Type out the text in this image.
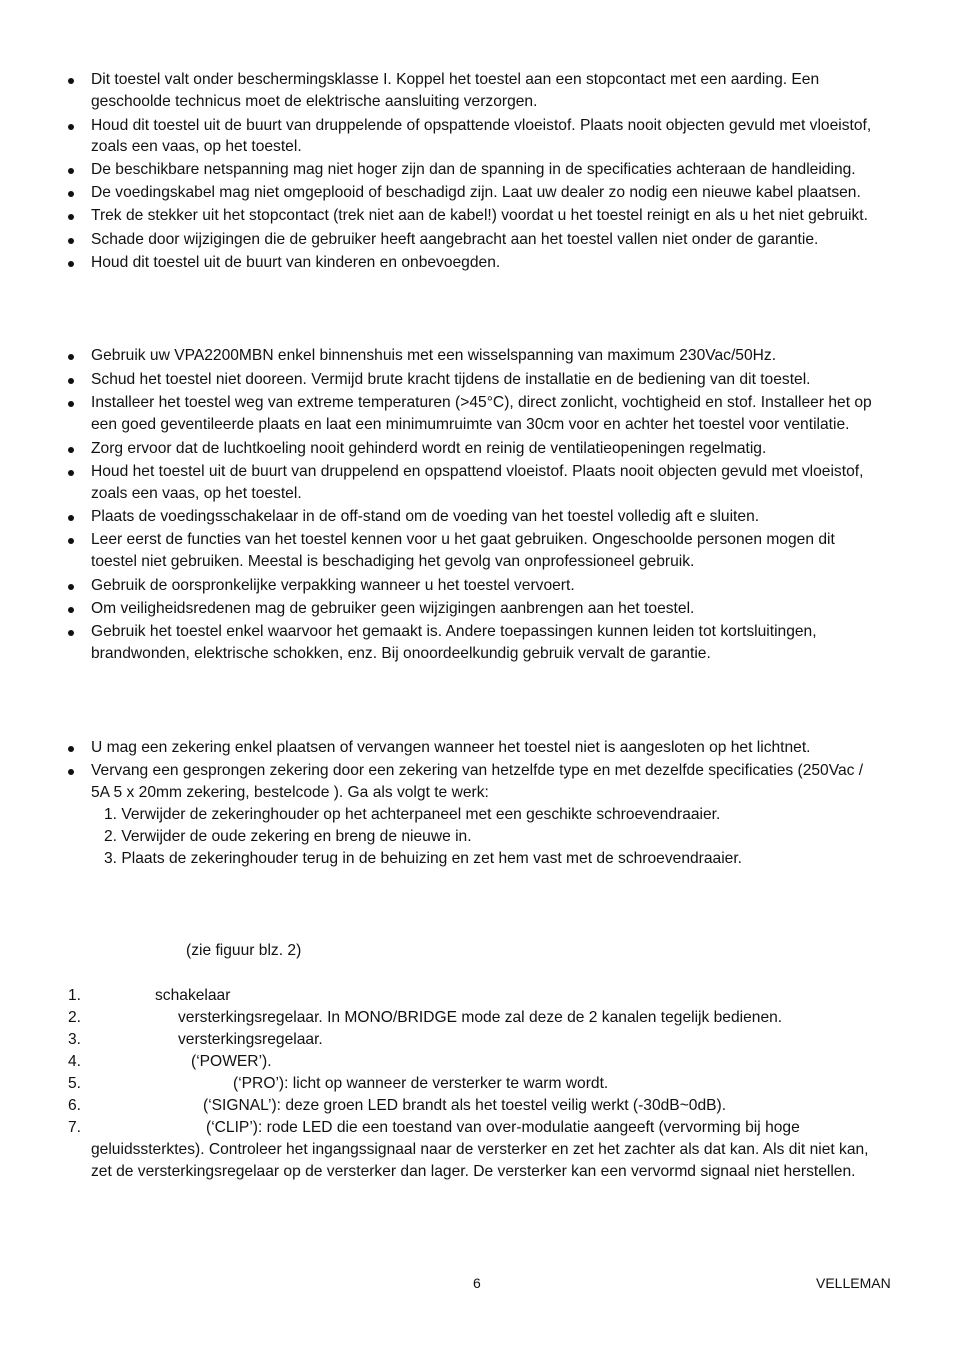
Dit toestel valt onder beschermingsklasse I. Koppel het toestel aan een stopcontact met een aarding. Een
geschoolde technicus moet de elektrische aansluiting verzorgen.
Houd dit toestel uit de buurt van druppelende of opspattende vloeistof. Plaats nooit objecten gevuld met vloeistof,
zoals een vaas, op het toestel.
De beschikbare netspanning mag niet hoger zijn dan de spanning in de specificaties achteraan de handleiding.
De voedingskabel mag niet omgeplooid of beschadigd zijn. Laat uw dealer zo nodig een nieuwe kabel plaatsen.
Trek de stekker uit het stopcontact (trek niet aan de kabel!) voordat u het toestel reinigt en als u het niet gebruikt.
Schade door wijzigingen die de gebruiker heeft aangebracht aan het toestel vallen niet onder de garantie.
Houd dit toestel uit de buurt van kinderen en onbevoegden.
Gebruik uw VPA2200MBN enkel binnenshuis met een wisselspanning van maximum 230Vac/50Hz.
Schud het toestel niet dooreen. Vermijd brute kracht tijdens de installatie en de bediening van dit toestel.
Installeer het toestel weg van extreme temperaturen (>45°C), direct zonlicht, vochtigheid en stof. Installeer het op
een goed geventileerde plaats en laat een minimumruimte van 30cm voor en achter het toestel voor ventilatie.
Zorg ervoor dat de luchtkoeling nooit gehinderd wordt en reinig de ventilatieopeningen regelmatig.
Houd het toestel uit de buurt van druppelend en opspattend vloeistof. Plaats nooit objecten gevuld met vloeistof,
zoals een vaas, op het toestel.
Plaats de voedingsschakelaar in de off-stand om de voeding van het toestel volledig aft e sluiten.
Leer eerst de functies van het toestel kennen voor u het gaat gebruiken. Ongeschoolde personen mogen dit
toestel niet gebruiken. Meestal is beschadiging het gevolg van onprofessioneel gebruik.
Gebruik de oorspronkelijke verpakking wanneer u het toestel vervoert.
Om veiligheidsredenen mag de gebruiker geen wijzigingen aanbrengen aan het toestel.
Gebruik het toestel enkel waarvoor het gemaakt is. Andere toepassingen kunnen leiden tot kortsluitingen,
brandwonden, elektrische schokken, enz. Bij onoordeelkundig gebruik vervalt de garantie.
U mag een zekering enkel plaatsen of vervangen wanneer het toestel niet is aangesloten op het lichtnet.
Vervang een gesprongen zekering door een zekering van hetzelfde type en met dezelfde specificaties (250Vac /
5A 5 x 20mm zekering, bestelcode ). Ga als volgt te werk:
1. Verwijder de zekeringhouder op het achterpaneel met een geschikte schroevendraaier.
2. Verwijder de oude zekering en breng de nieuwe in.
3. Plaats de zekeringhouder terug in de behuizing en zet hem vast met de schroevendraaier.
(zie figuur blz. 2)
1.	schakelaar
2.	versterkingsregelaar. In MONO/BRIDGE mode zal deze de 2 kanalen tegelijk bedienen.
3.	versterkingsregelaar.
4.	(‘POWER’).
5.	(‘PRO’): licht op wanneer de versterker te warm wordt.
6.	(‘SIGNAL’): deze groen LED brandt als het toestel veilig werkt (-30dB~0dB).
7.	(‘CLIP’): rode LED die een toestand van over-modulatie aangeeft (vervorming bij hoge
geluidssterktes). Controleer het ingangssignaal naar de versterker en zet het zachter als dat kan. Als dit niet kan,
zet de versterkingsregelaar op de versterker dan lager. De versterker kan een vervormd signaal niet herstellen.
6	VELLEMAN
